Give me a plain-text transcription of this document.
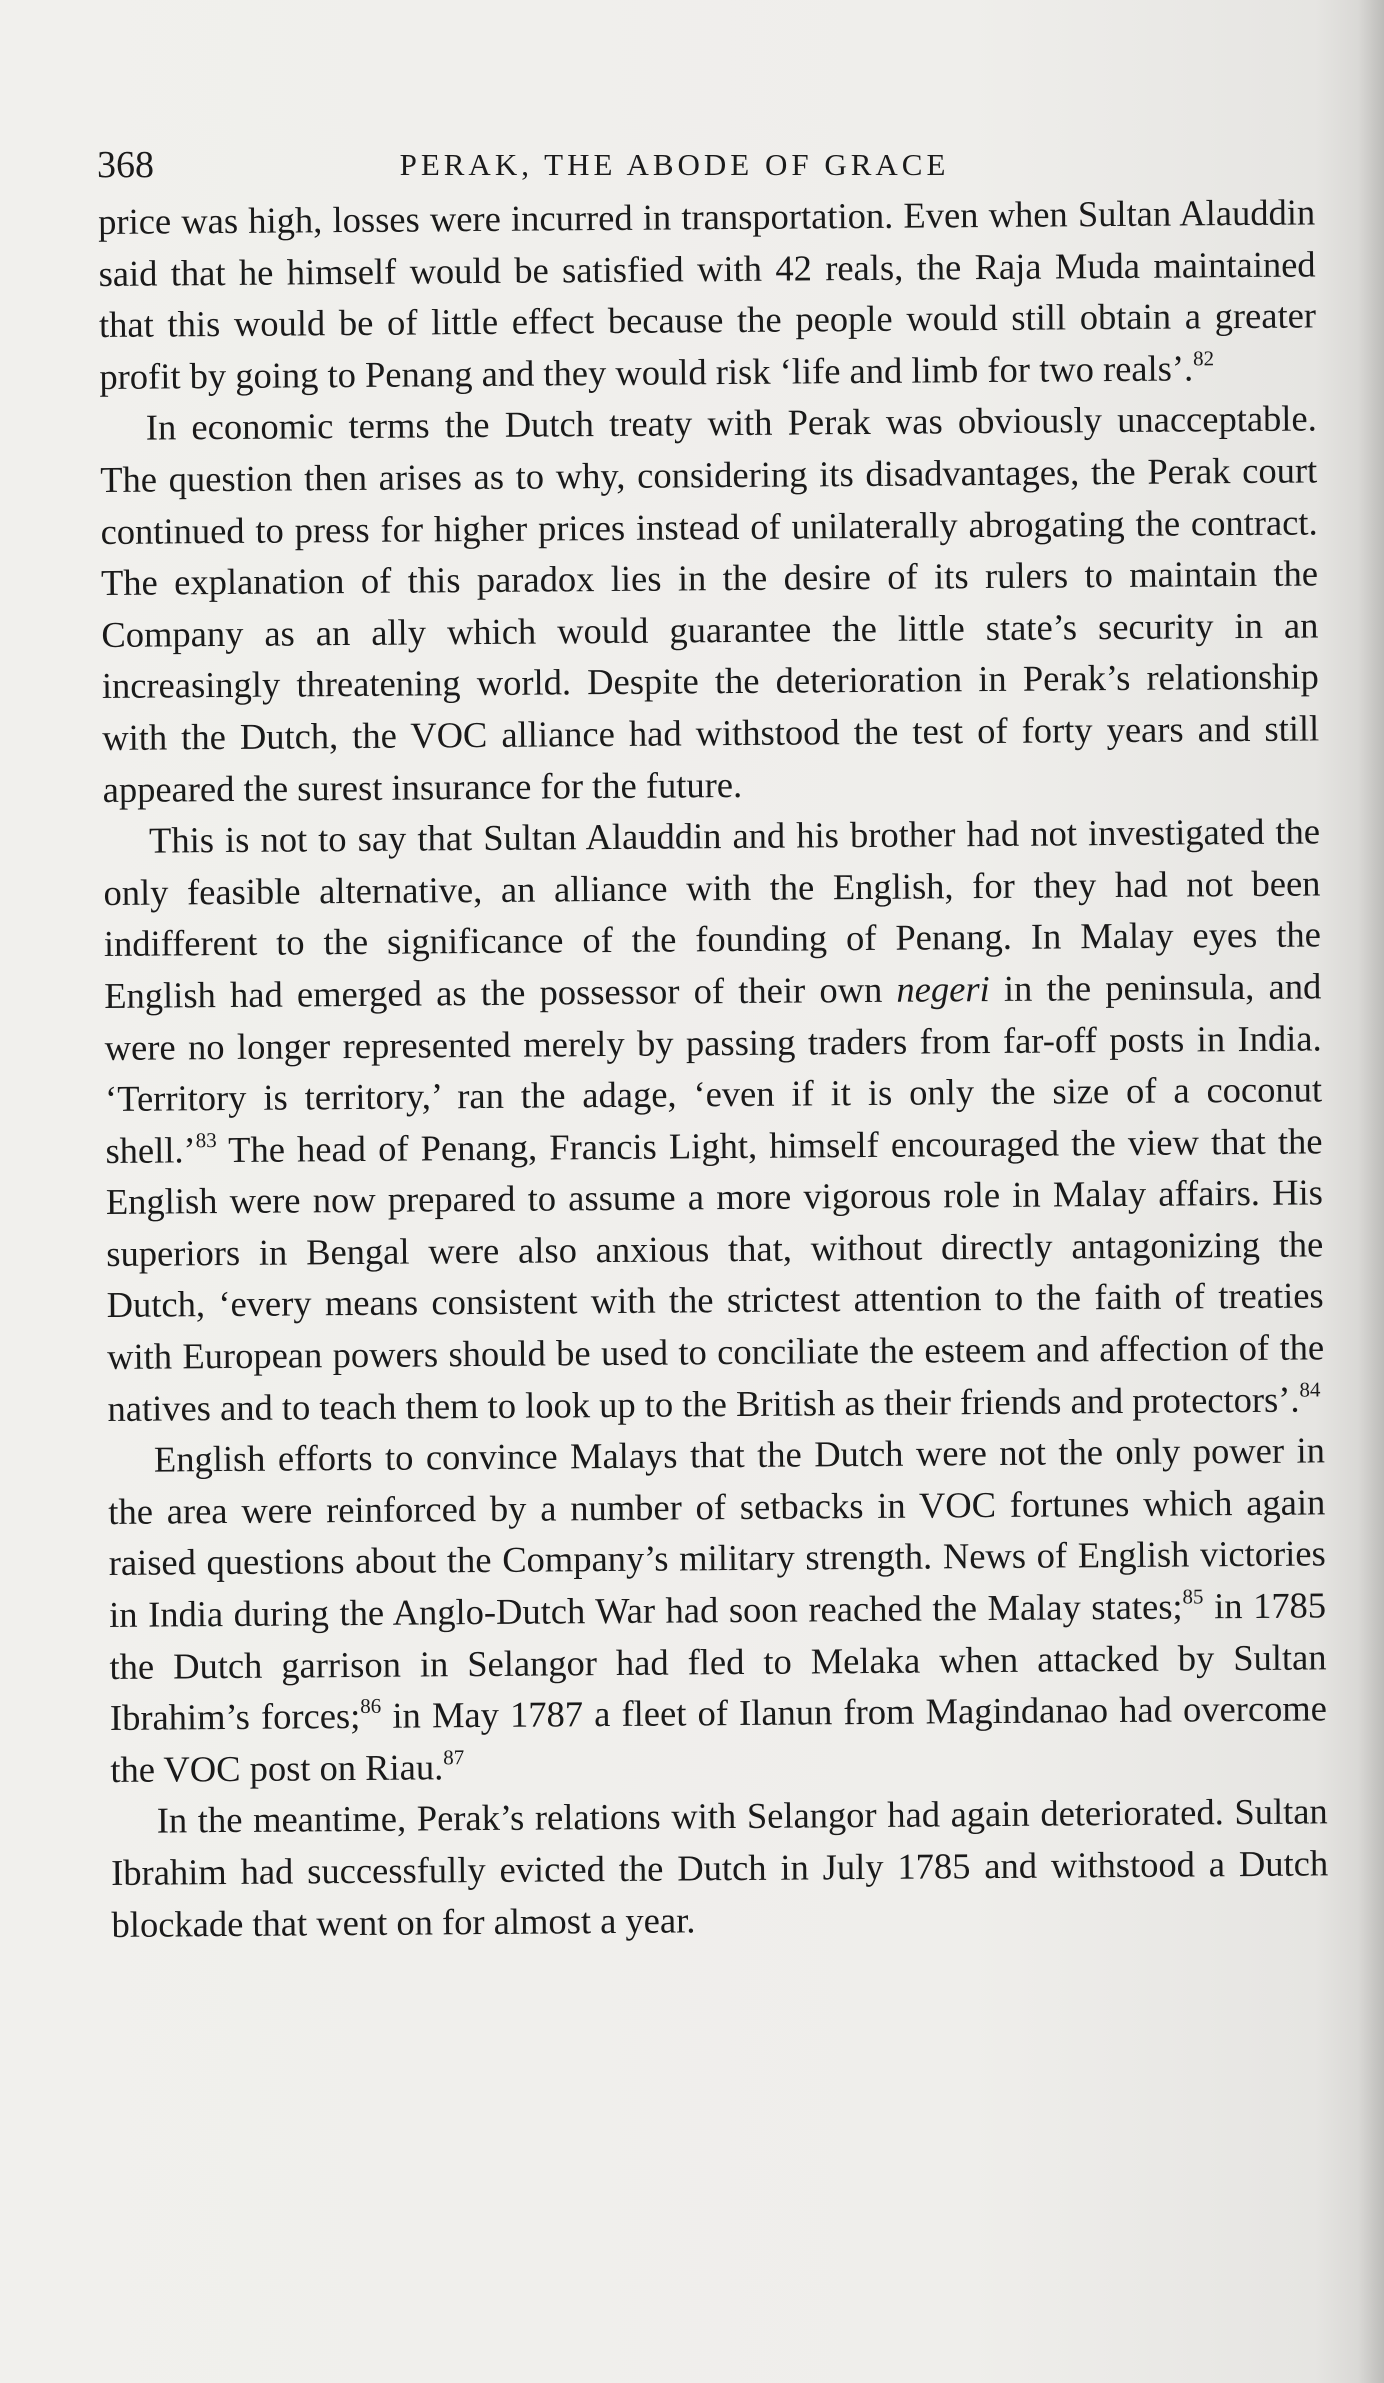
368	PERAK, THE ABODE OF GRACE

price was high, losses were incurred in transportation. Even when Sultan Alauddin said that he himself would be satisfied with 42 reals, the Raja Muda maintained that this would be of little effect because the people would still obtain a greater profit by going to Penang and they would risk ‘life and limb for two reals’.$^{82}$

In economic terms the Dutch treaty with Perak was obviously unacceptable. The question then arises as to why, considering its disadvantages, the Perak court continued to press for higher prices instead of unilaterally abrogating the contract. The explanation of this paradox lies in the desire of its rulers to maintain the Company as an ally which would guarantee the little state’s security in an increasingly threatening world. Despite the deterioration in Perak’s relationship with the Dutch, the VOC alliance had withstood the test of forty years and still appeared the surest insurance for the future.

This is not to say that Sultan Alauddin and his brother had not investigated the only feasible alternative, an alliance with the English, for they had not been indifferent to the significance of the founding of Penang. In Malay eyes the English had emerged as the possessor of their own negeri in the peninsula, and were no longer represented merely by passing traders from far-off posts in India. ‘Territory is territory,’ ran the adage, ‘even if it is only the size of a coconut shell.’$^{83}$ The head of Penang, Francis Light, himself encouraged the view that the English were now prepared to assume a more vigorous role in Malay affairs. His superiors in Bengal were also anxious that, without directly antagonizing the Dutch, ‘every means consistent with the strictest attention to the faith of treaties with European powers should be used to conciliate the esteem and affection of the natives and to teach them to look up to the British as their friends and protectors’.$^{84}$

English efforts to convince Malays that the Dutch were not the only power in the area were reinforced by a number of setbacks in VOC fortunes which again raised questions about the Company’s military strength. News of English victories in India during the Anglo-Dutch War had soon reached the Malay states;$^{85}$ in 1785 the Dutch garrison in Selangor had fled to Melaka when attacked by Sultan Ibrahim’s forces;$^{86}$ in May 1787 a fleet of Ilanun from Magindanao had overcome the VOC post on Riau.$^{87}$

In the meantime, Perak’s relations with Selangor had again deteriorated. Sultan Ibrahim had successfully evicted the Dutch in July 1785 and withstood a Dutch blockade that went on for almost a year.
